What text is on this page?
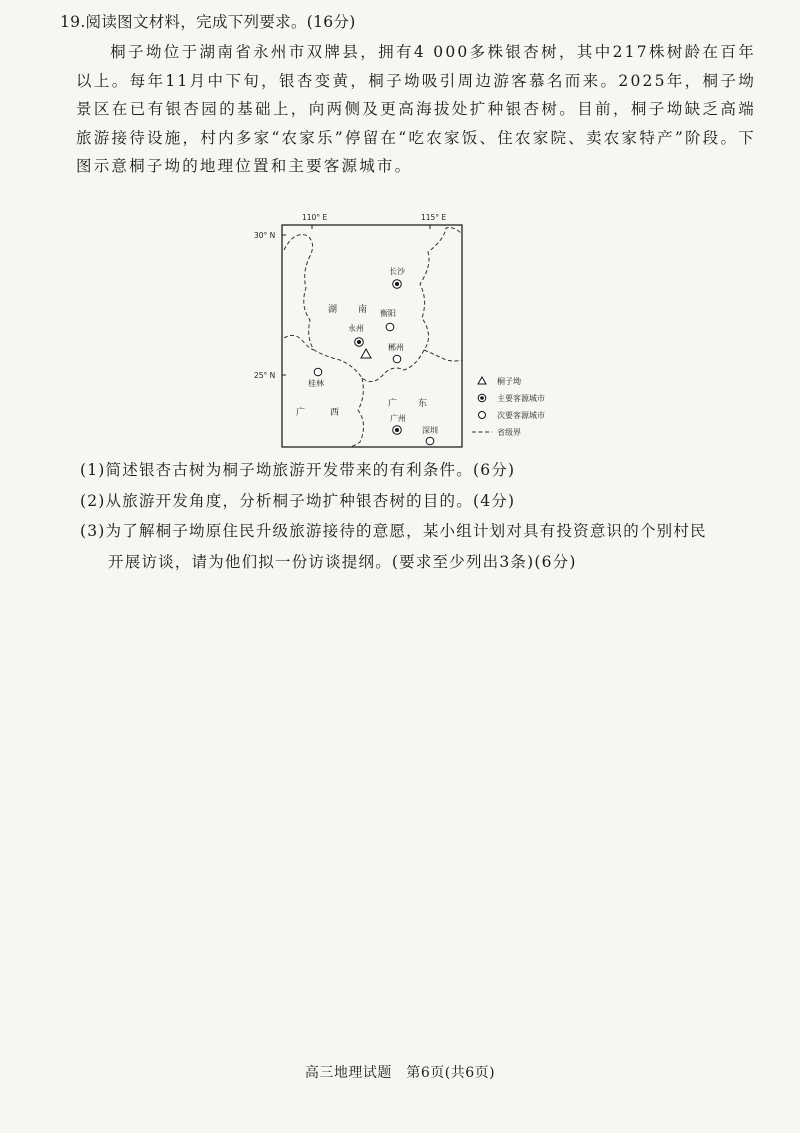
19.阅读图文材料，完成下列要求。(16分)

桐子坳位于湖南省永州市双牌县，拥有4 000多株银杏树，其中217株树龄在百年以上。每年11月中下旬，银杏变黄，桐子坳吸引周边游客慕名而来。2025年，桐子坳景区在已有银杏园的基础上，向两侧及更高海拔处扩种银杏树。目前，桐子坳缺乏高端旅游接待设施，村内多家“农家乐”停留在“吃农家饭、住农家院、卖农家特产”阶段。下图示意桐子坳的地理位置和主要客源城市。

110° E	115° E
30° N
25° N
湖 南
广	西
广 东
长沙
衡阳
永州
郴州
桂林
广州
深圳
桐子坳
主要客源城市
次要客源城市
省级界
(1)简述银杏古树为桐子坳旅游开发带来的有利条件。(6分)
(2)从旅游开发角度，分析桐子坳扩种银杏树的目的。(4分)
(3)为了解桐子坳原住民升级旅游接待的意愿，某小组计划对具有投资意识的个别村民
开展访谈，请为他们拟一份访谈提纲。(要求至少列出3条)(6分)
高三地理试题　第6页(共6页)
